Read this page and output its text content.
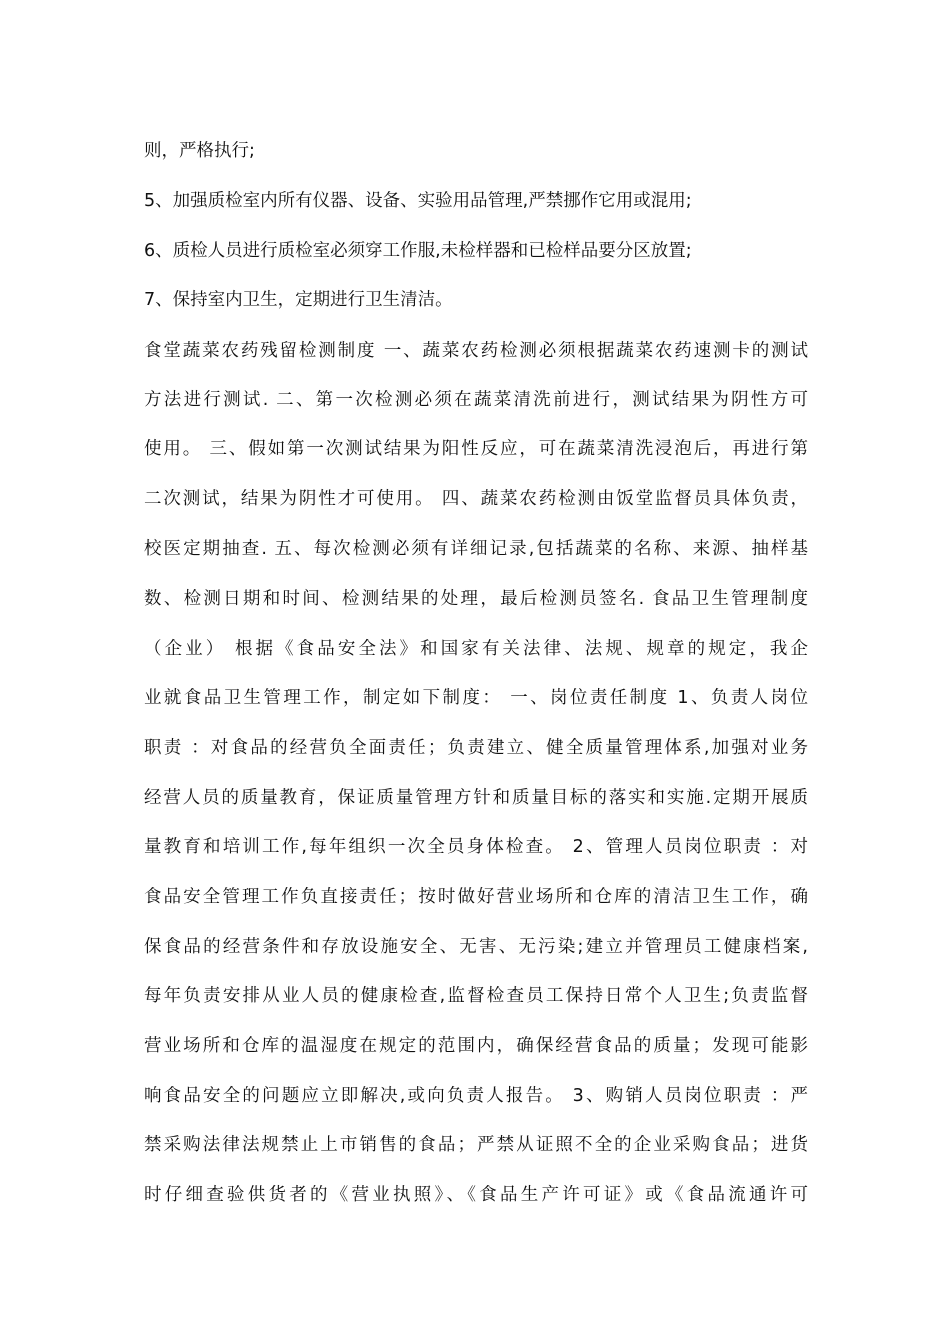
则，严格执行;
5、加强质检室内所有仪器、设备、实验用品管理,严禁挪作它用或混用;
6、质检人员进行质检室必须穿工作服,未检样器和已检样品要分区放置;
7、保持室内卫生，定期进行卫生清洁。
食堂蔬菜农药残留检测制度 一、蔬菜农药检测必须根据蔬菜农药速测卡的测试
方法进行测试. 二、第一次检测必须在蔬菜清洗前进行，测试结果为阴性方可
使用。 三、假如第一次测试结果为阳性反应，可在蔬菜清洗浸泡后，再进行第
二次测试，结果为阴性才可使用。 四、蔬菜农药检测由饭堂监督员具体负责，
校医定期抽查. 五、每次检测必须有详细记录,包括蔬菜的名称、来源、抽样基
数、检测日期和时间、检测结果的处理，最后检测员签名. 食品卫生管理制度
（企业） 根据《食品安全法》和国家有关法律、法规、规章的规定，我企
业就食品卫生管理工作，制定如下制度： 一、岗位责任制度 1、负责人岗位
职责 ：对食品的经营负全面责任；负责建立、健全质量管理体系,加强对业务
经营人员的质量教育，保证质量管理方针和质量目标的落实和实施.定期开展质
量教育和培训工作,每年组织一次全员身体检查。 2、管理人员岗位职责 ：对
食品安全管理工作负直接责任；按时做好营业场所和仓库的清洁卫生工作，确
保食品的经营条件和存放设施安全、无害、无污染;建立并管理员工健康档案,
每年负责安排从业人员的健康检查,监督检查员工保持日常个人卫生;负责监督
营业场所和仓库的温湿度在规定的范围内，确保经营食品的质量；发现可能影
响食品安全的问题应立即解决,或向负责人报告。 3、购销人员岗位职责 ：严
禁采购法律法规禁止上市销售的食品；严禁从证照不全的企业采购食品；进货
时仔细查验供货者的《营业执照》、《食品生产许可证》或《食品流通许可
